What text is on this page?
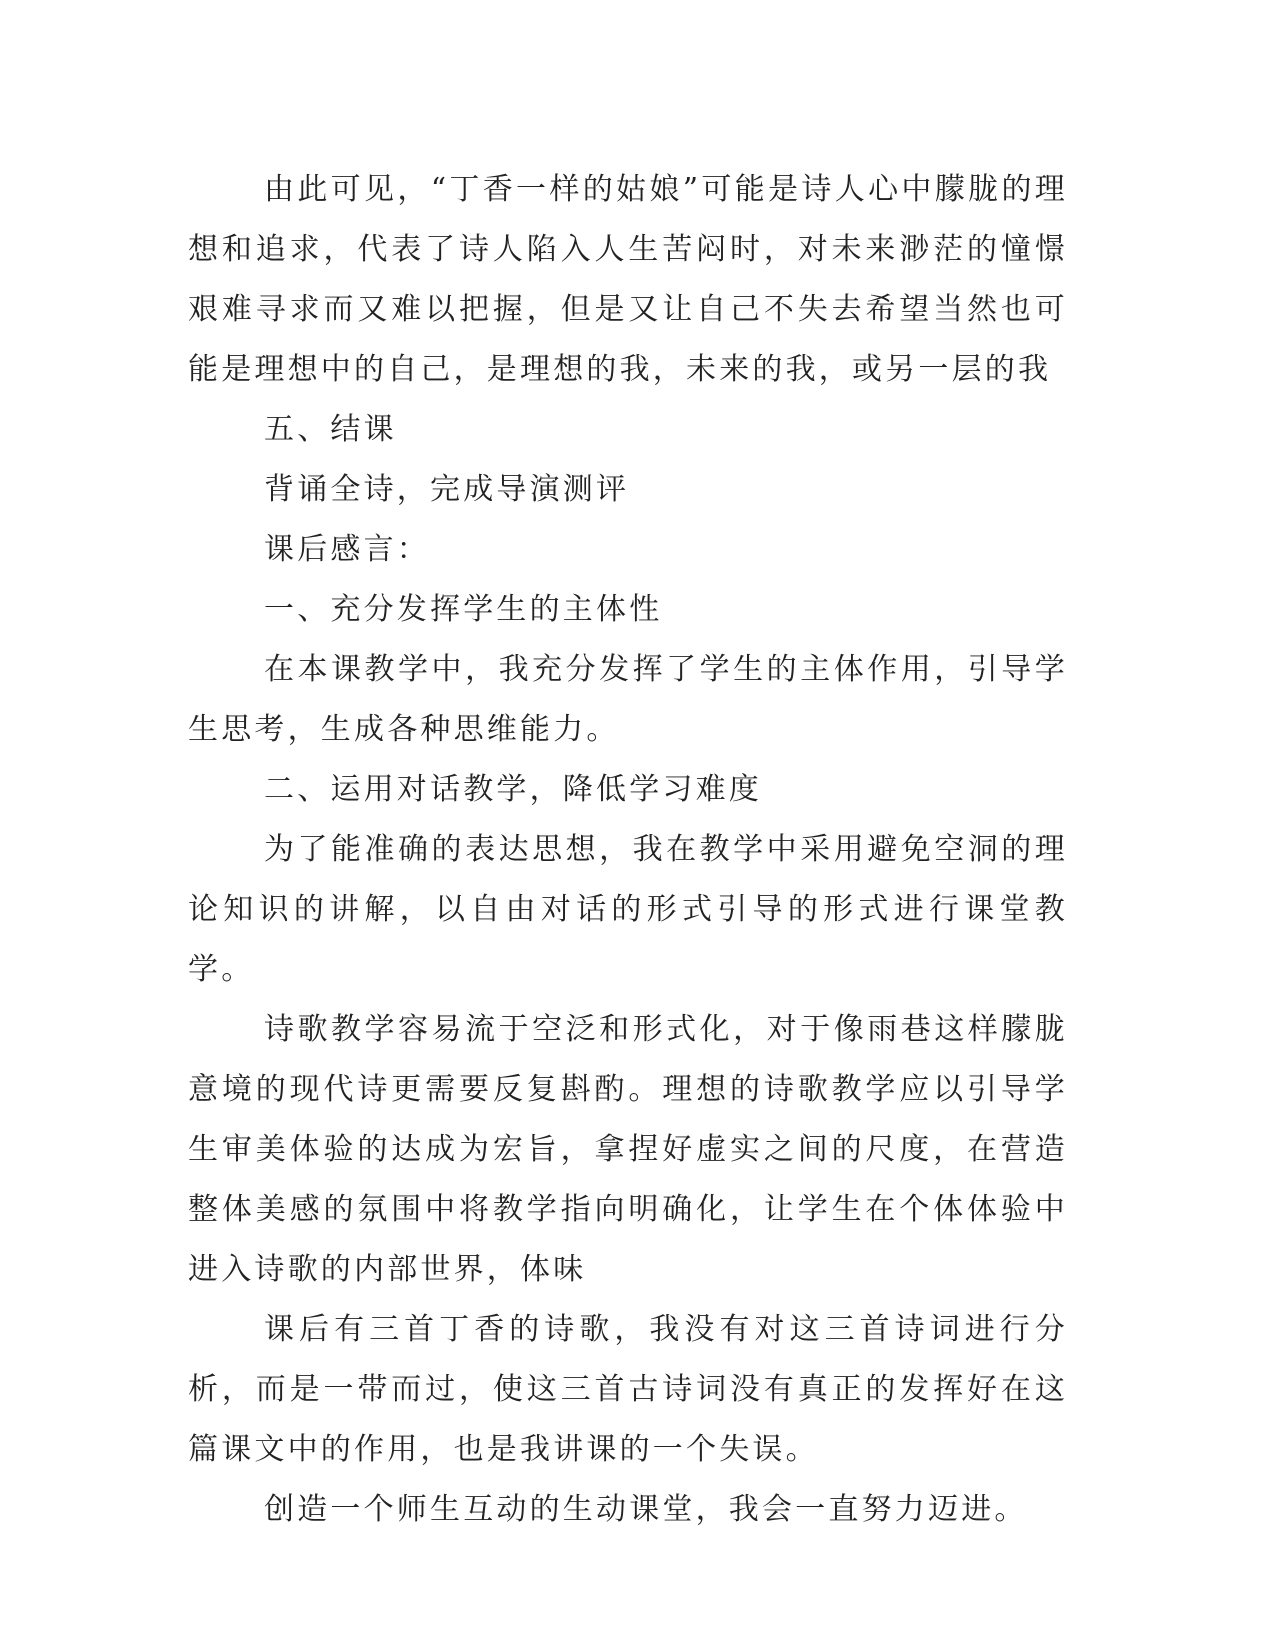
由此可见，“丁香一样的姑娘”可能是诗人心中朦胧的理想和追求，代表了诗人陷入人生苦闷时，对未来渺茫的憧憬艰难寻求而又难以把握，但是又让自己不失去希望当然也可能是理想中的自己，是理想的我，未来的我，或另一层的我

五、结课

背诵全诗，完成导演测评

课后感言：

一、充分发挥学生的主体性

在本课教学中，我充分发挥了学生的主体作用，引导学生思考，生成各种思维能力。

二、运用对话教学，降低学习难度

为了能准确的表达思想，我在教学中采用避免空洞的理论知识的讲解，以自由对话的形式引导的形式进行课堂教学。

诗歌教学容易流于空泛和形式化，对于像雨巷这样朦胧意境的现代诗更需要反复斟酌。理想的诗歌教学应以引导学生审美体验的达成为宏旨，拿捏好虚实之间的尺度，在营造整体美感的氛围中将教学指向明确化，让学生在个体体验中进入诗歌的内部世界，体味

课后有三首丁香的诗歌，我没有对这三首诗词进行分析，而是一带而过，使这三首古诗词没有真正的发挥好在这篇课文中的作用，也是我讲课的一个失误。

创造一个师生互动的生动课堂，我会一直努力迈进。
